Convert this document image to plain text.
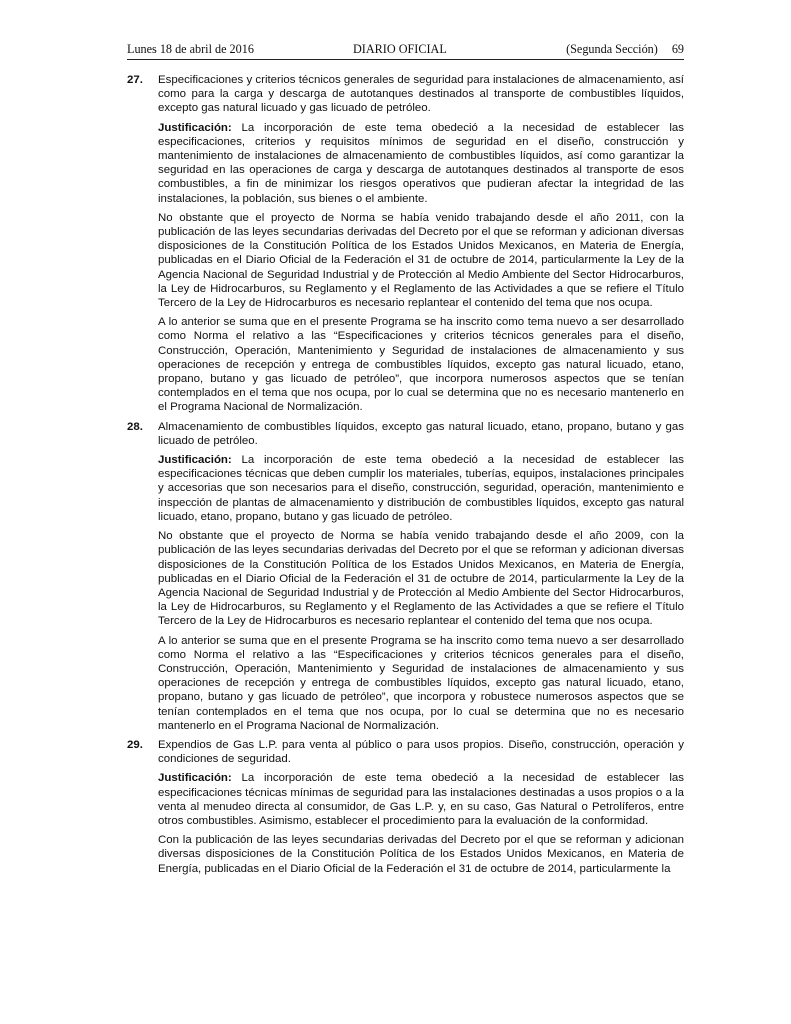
Lunes 18 de abril de 2016	DIARIO OFICIAL	(Segunda Sección) 69
27. Especificaciones y criterios técnicos generales de seguridad para instalaciones de almacenamiento, así como para la carga y descarga de autotanques destinados al transporte de combustibles líquidos, excepto gas natural licuado y gas licuado de petróleo.

Justificación: La incorporación de este tema obedeció a la necesidad de establecer las especificaciones, criterios y requisitos mínimos de seguridad en el diseño, construcción y mantenimiento de instalaciones de almacenamiento de combustibles líquidos, así como garantizar la seguridad en las operaciones de carga y descarga de autotanques destinados al transporte de esos combustibles, a fin de minimizar los riesgos operativos que pudieran afectar la integridad de las instalaciones, la población, sus bienes o el ambiente.

No obstante que el proyecto de Norma se había venido trabajando desde el año 2011, con la publicación de las leyes secundarias derivadas del Decreto por el que se reforman y adicionan diversas disposiciones de la Constitución Política de los Estados Unidos Mexicanos, en Materia de Energía, publicadas en el Diario Oficial de la Federación el 31 de octubre de 2014, particularmente la Ley de la Agencia Nacional de Seguridad Industrial y de Protección al Medio Ambiente del Sector Hidrocarburos, la Ley de Hidrocarburos, su Reglamento y el Reglamento de las Actividades a que se refiere el Título Tercero de la Ley de Hidrocarburos es necesario replantear el contenido del tema que nos ocupa.

A lo anterior se suma que en el presente Programa se ha inscrito como tema nuevo a ser desarrollado como Norma el relativo a las “Especificaciones y criterios técnicos generales para el diseño, Construcción, Operación, Mantenimiento y Seguridad de instalaciones de almacenamiento y sus operaciones de recepción y entrega de combustibles líquidos, excepto gas natural licuado, etano, propano, butano y gas licuado de petróleo”, que incorpora numerosos aspectos que se tenían contemplados en el tema que nos ocupa, por lo cual se determina que no es necesario mantenerlo en el Programa Nacional de Normalización.

28. Almacenamiento de combustibles líquidos, excepto gas natural licuado, etano, propano, butano y gas licuado de petróleo.

Justificación: La incorporación de este tema obedeció a la necesidad de establecer las especificaciones técnicas que deben cumplir los materiales, tuberías, equipos, instalaciones principales y accesorias que son necesarios para el diseño, construcción, seguridad, operación, mantenimiento e inspección de plantas de almacenamiento y distribución de combustibles líquidos, excepto gas natural licuado, etano, propano, butano y gas licuado de petróleo.

No obstante que el proyecto de Norma se había venido trabajando desde el año 2009, con la publicación de las leyes secundarias derivadas del Decreto por el que se reforman y adicionan diversas disposiciones de la Constitución Política de los Estados Unidos Mexicanos, en Materia de Energía, publicadas en el Diario Oficial de la Federación el 31 de octubre de 2014, particularmente la Ley de la Agencia Nacional de Seguridad Industrial y de Protección al Medio Ambiente del Sector Hidrocarburos, la Ley de Hidrocarburos, su Reglamento y el Reglamento de las Actividades a que se refiere el Título Tercero de la Ley de Hidrocarburos es necesario replantear el contenido del tema que nos ocupa.

A lo anterior se suma que en el presente Programa se ha inscrito como tema nuevo a ser desarrollado como Norma el relativo a las “Especificaciones y criterios técnicos generales para el diseño, Construcción, Operación, Mantenimiento y Seguridad de instalaciones de almacenamiento y sus operaciones de recepción y entrega de combustibles líquidos, excepto gas natural licuado, etano, propano, butano y gas licuado de petróleo”, que incorpora y robustece numerosos aspectos que se tenían contemplados en el tema que nos ocupa, por lo cual se determina que no es necesario mantenerlo en el Programa Nacional de Normalización.

29. Expendios de Gas L.P. para venta al público o para usos propios. Diseño, construcción, operación y condiciones de seguridad.

Justificación: La incorporación de este tema obedeció a la necesidad de establecer las especificaciones técnicas mínimas de seguridad para las instalaciones destinadas a usos propios o a la venta al menudeo directa al consumidor, de Gas L.P. y, en su caso, Gas Natural o Petrolíferos, entre otros combustibles. Asimismo, establecer el procedimiento para la evaluación de la conformidad.

Con la publicación de las leyes secundarias derivadas del Decreto por el que se reforman y adicionan diversas disposiciones de la Constitución Política de los Estados Unidos Mexicanos, en Materia de Energía, publicadas en el Diario Oficial de la Federación el 31 de octubre de 2014, particularmente la
